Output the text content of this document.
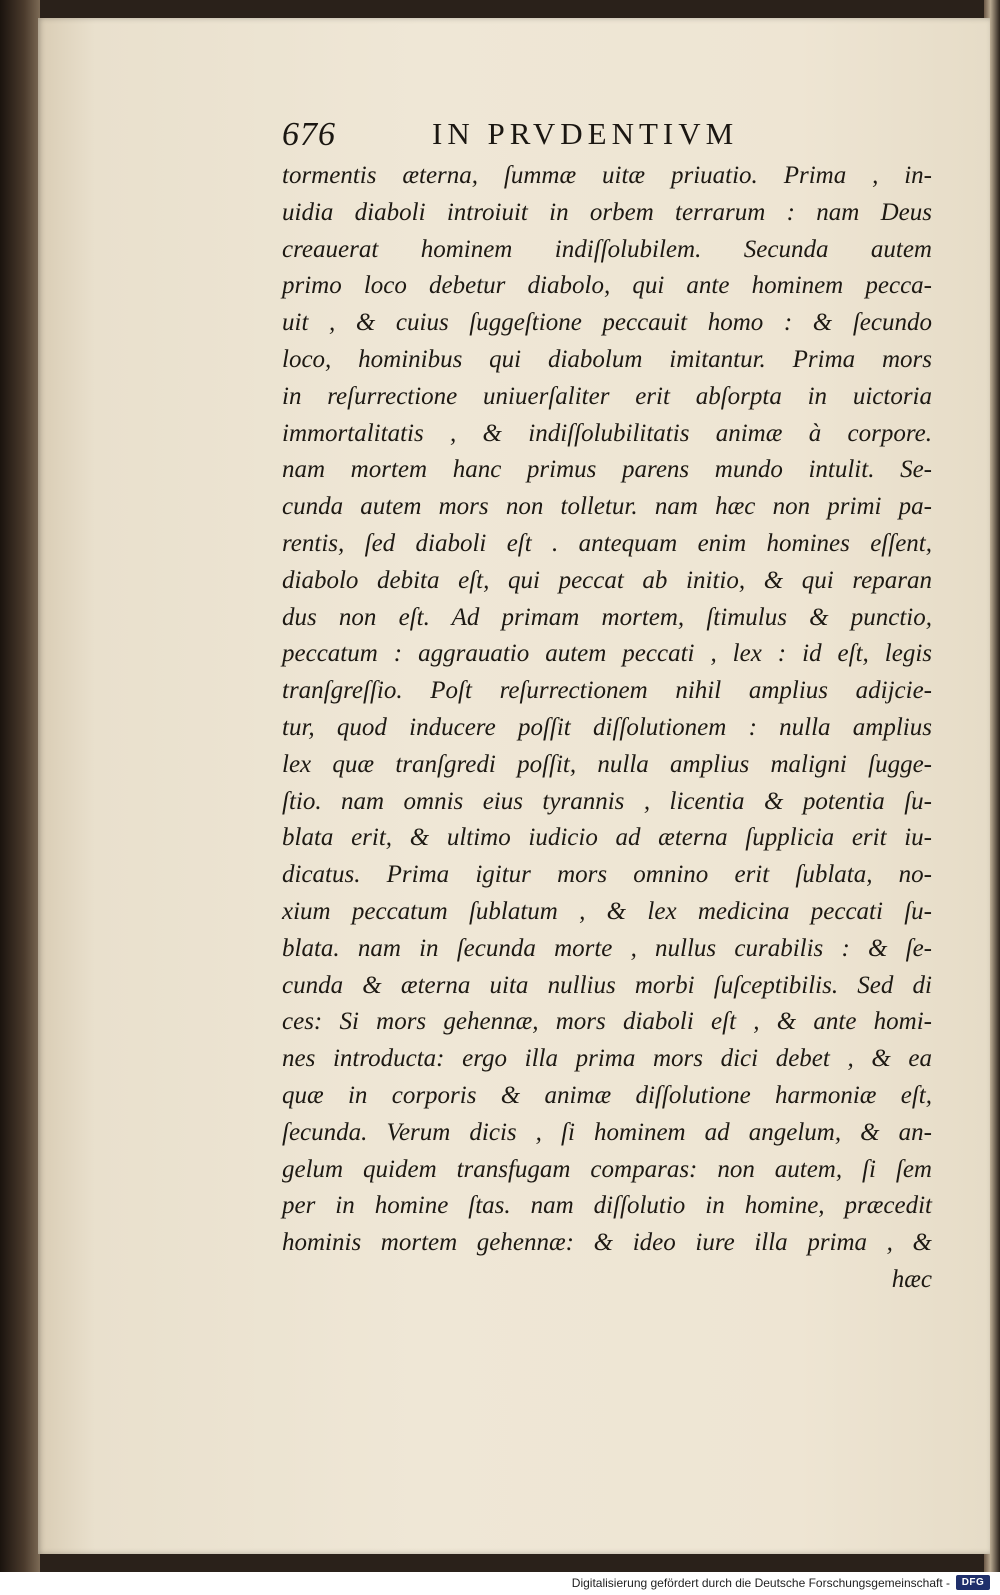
676	IN PRVDENTIVM
tormentis æterna, ſummæ uitæ priuatio. Prima , in-
uidia diaboli introiuit in orbem terrarum : nam Deus
creauerat hominem indiſſolubilem. Secunda autem
primo loco debetur diabolo, qui ante hominem pecca-
uit , & cuius ſuggeſtione peccauit homo : & ſecundo
loco, hominibus qui diabolum imitantur. Prima mors
in reſurrectione uniuerſaliter erit abſorpta in uictoria
immortalitatis , & indiſſolubilitatis animæ à corpore.
nam mortem hanc primus parens mundo intulit. Se-
cunda autem mors non tolletur. nam hæc non primi pa-
rentis, ſed diaboli eſt . antequam enim homines eſſent,
diabolo debita eſt, qui peccat ab initio, & qui reparan
dus non eſt. Ad primam mortem, ſtimulus & punctio,
peccatum : aggrauatio autem peccati , lex : id eſt, legis
tranſgreſſio. Poſt reſurrectionem nihil amplius adijcie-
tur, quod inducere poſſit diſſolutionem : nulla amplius
lex quæ tranſgredi poſſit, nulla amplius maligni ſugge-
ſtio. nam omnis eius tyrannis , licentia & potentia ſu-
blata erit, & ultimo iudicio ad æterna ſupplicia erit iu-
dicatus. Prima igitur mors omnino erit ſublata, no-
xium peccatum ſublatum , & lex medicina peccati ſu-
blata. nam in ſecunda morte , nullus curabilis : & ſe-
cunda & æterna uita nullius morbi ſuſceptibilis. Sed di
ces: Si mors gehennæ, mors diaboli eſt , & ante homi-
nes introducta: ergo illa prima mors dici debet , & ea
quæ in corporis & animæ diſſolutione harmoniæ eſt,
ſecunda. Verum dicis , ſi hominem ad angelum, & an-
gelum quidem transfugam comparas: non autem, ſi ſem
per in homine ſtas. nam diſſolutio in homine, præcedit
hominis mortem gehennæ: & ideo iure illa prima , &
hæc
Digitalisierung gefördert durch die Deutsche Forschungsgemeinschaft -	DFG
